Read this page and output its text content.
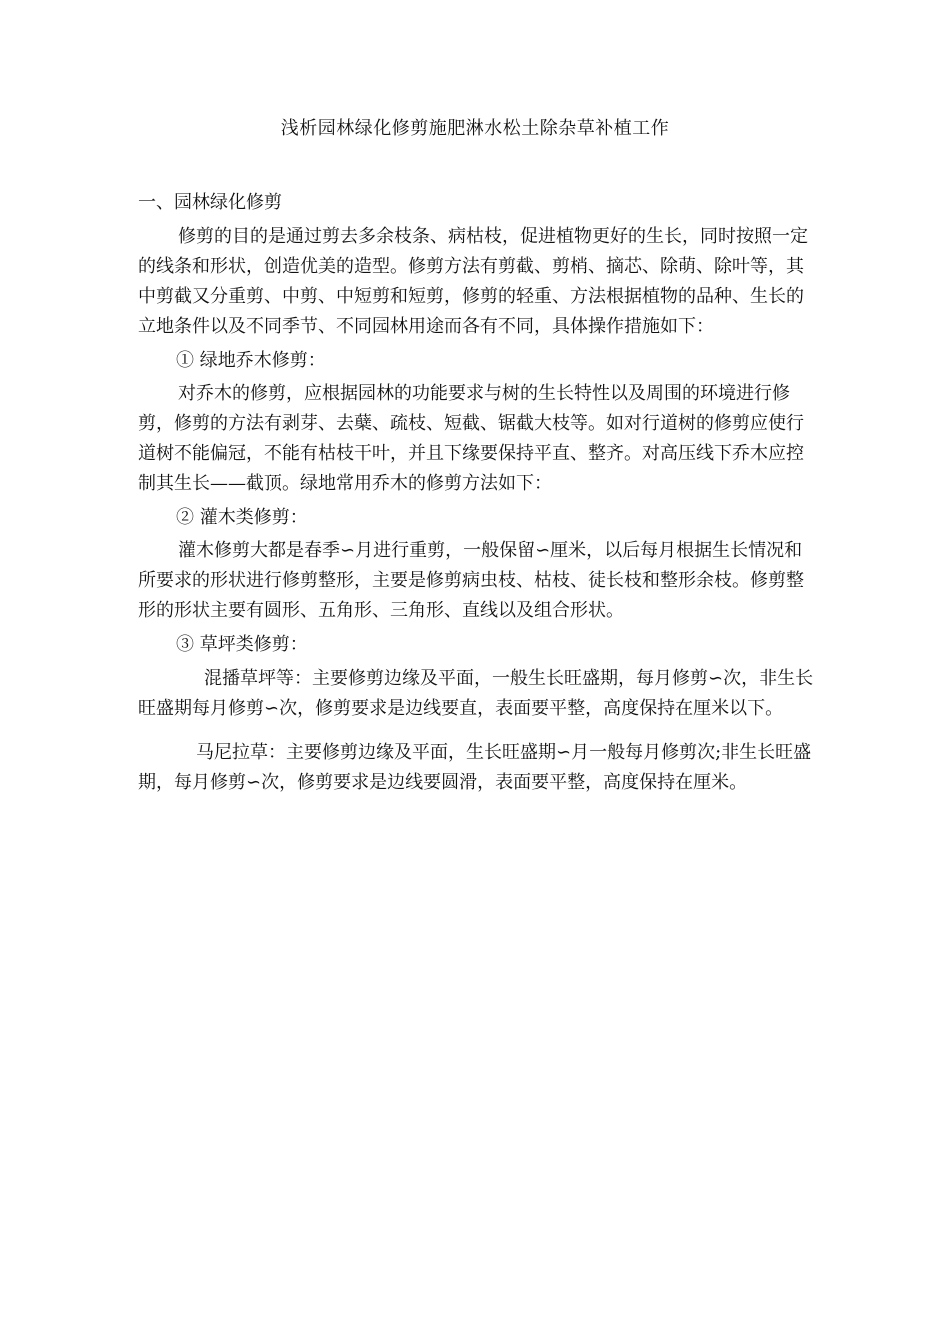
浅析园林绿化修剪施肥淋水松土除杂草补植工作

一、园林绿化修剪

修剪的目的是通过剪去多余枝条、病枯枝，促进植物更好的生长，同时按照一定的线条和形状，创造优美的造型。修剪方法有剪截、剪梢、摘芯、除萌、除叶等，其中剪截又分重剪、中剪、中短剪和短剪，修剪的轻重、方法根据植物的品种、生长的立地条件以及不同季节、不同园林用途而各有不同，具体操作措施如下：

① 绿地乔木修剪：

对乔木的修剪，应根据园林的功能要求与树的生长特性以及周围的环境进行修剪，修剪的方法有剥芽、去蘖、疏枝、短截、锯截大枝等。如对行道树的修剪应使行道树不能偏冠，不能有枯枝干叶，并且下缘要保持平直、整齐。对高压线下乔木应控制其生长——截顶。绿地常用乔木的修剪方法如下：

② 灌木类修剪：

灌木修剪大都是春季∽月进行重剪，一般保留∽厘米，以后每月根据生长情况和所要求的形状进行修剪整形，主要是修剪病虫枝、枯枝、徒长枝和整形余枝。修剪整形的形状主要有圆形、五角形、三角形、直线以及组合形状。

③ 草坪类修剪：

混播草坪等：主要修剪边缘及平面，一般生长旺盛期，每月修剪∽次，非生长旺盛期每月修剪∽次，修剪要求是边线要直，表面要平整，高度保持在厘米以下。

马尼拉草：主要修剪边缘及平面，生长旺盛期∽月一般每月修剪次;非生长旺盛期，每月修剪∽次，修剪要求是边线要圆滑，表面要平整，高度保持在厘米。
